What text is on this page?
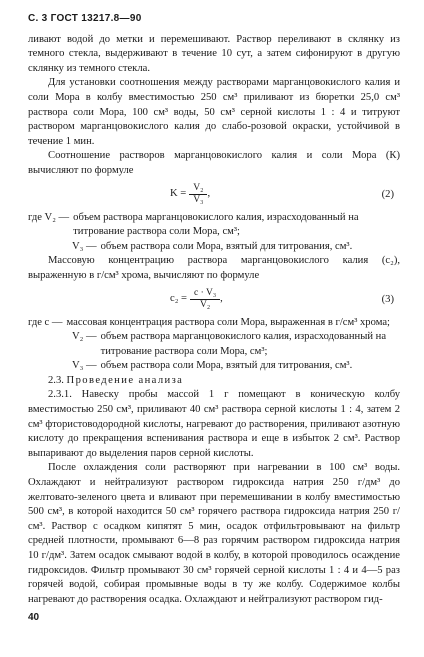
С. 3 ГОСТ 13217.8—90

ливают водой до метки и перемешивают. Раствор переливают в склянку из темного стекла, выдерживают в течение 10 сут, а затем сифонируют в другую склянку из темного стекла.

Для установки соотношения между растворами марганцовокислого калия и соли Мора в колбу вместимостью 250 см³ приливают из бюретки 25,0 см³ раствора соли Мора, 100 см³ воды, 50 см³ серной кислоты 1 : 4 и титруют раствором марганцовокислого калия до слабо-розовой окраски, устойчивой в течение 1 мин.

Соотношение растворов марганцовокислого калия и соли Мора (К) вычисляют по формуле

$K = \frac{\text{V₂}}{\text{V₃}}$ ,	(2)
где V₂ — объем раствора марганцовокислого калия, израсходованный на титрование раствора соли Мора, см³;
V₃ — объем раствора соли Мора, взятый для титрования, см³.

Массовую концентрацию раствора марганцовокислого калия (c₂), выраженную в г/см³ хрома, вычисляют по формуле

$c_2 = \frac{\text{c · V₃}}{\text{V₂}}$ ,	(3)
где c — массовая концентрация раствора соли Мора, выраженная в г/см³ хрома;
V₂ — объем раствора марганцовокислого калия, израсходованный на титрование раствора соли Мора, см³;
V₃ — объем раствора соли Мора, взятый для титрования, см³.

2.3. Проведение анализа

2.3.1. Навеску пробы массой 1 г помещают в коническую колбу вместимостью 250 см³, приливают 40 см³ раствора серной кислоты 1 : 4, затем 2 см³ фтористоводородной кислоты, нагревают до растворения, приливают азотную кислоту до прекращения вспенивания раствора и еще в избыток 2 см³. Раствор выпаривают до выделения паров серной кислоты.

После охлаждения соли растворяют при нагревании в 100 см³ воды. Охлаждают и нейтрализуют раствором гидроксида натрия 250 г/дм³ до желтовато-зеленого цвета и вливают при перемешивании в колбу вместимостью 500 см³, в которой находится 50 см³ горячего раствора гидроксида натрия 250 г/см³. Раствор с осадком кипятят 5 мин, осадок отфильтровывают на фильтр средней плотности, промывают 6—8 раз горячим раствором гидроксида натрия 10 г/дм³. Затем осадок смывают водой в колбу, в которой проводилось осаждение гидроксидов. Фильтр промывают 30 см³ горячей серной кислоты 1 : 4 и 4—5 раз горячей водой, собирая промывные воды в ту же колбу. Содержимое колбы нагревают до растворения осадка. Охлаждают и нейтрализуют раствором гид-

40
